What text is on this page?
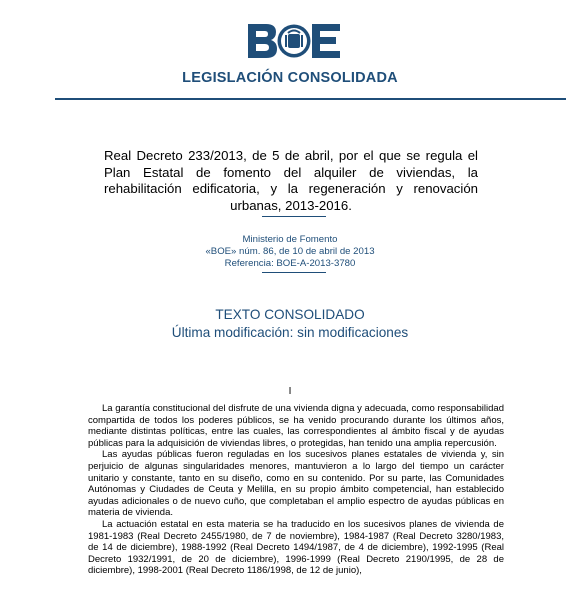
BOE
LEGISLACIÓN CONSOLIDADA
Real Decreto 233/2013, de 5 de abril, por el que se regula el Plan Estatal de fomento del alquiler de viviendas, la rehabilitación edificatoria, y la regeneración y renovación urbanas, 2013-2016.
Ministerio de Fomento
«BOE» núm. 86, de 10 de abril de 2013
Referencia: BOE-A-2013-3780
TEXTO CONSOLIDADO
Última modificación: sin modificaciones
I

La garantía constitucional del disfrute de una vivienda digna y adecuada, como responsabilidad compartida de todos los poderes públicos, se ha venido procurando durante los últimos años, mediante distintas políticas, entre las cuales, las correspondientes al ámbito fiscal y de ayudas públicas para la adquisición de viviendas libres, o protegidas, han tenido una amplia repercusión.

Las ayudas públicas fueron reguladas en los sucesivos planes estatales de vivienda y, sin perjuicio de algunas singularidades menores, mantuvieron a lo largo del tiempo un carácter unitario y constante, tanto en su diseño, como en su contenido. Por su parte, las Comunidades Autónomas y Ciudades de Ceuta y Melilla, en su propio ámbito competencial, han establecido ayudas adicionales o de nuevo cuño, que completaban el amplio espectro de ayudas públicas en materia de vivienda.

La actuación estatal en esta materia se ha traducido en los sucesivos planes de vivienda de 1981-1983 (Real Decreto 2455/1980, de 7 de noviembre), 1984-1987 (Real Decreto 3280/1983, de 14 de diciembre), 1988-1992 (Real Decreto 1494/1987, de 4 de diciembre), 1992-1995 (Real Decreto 1932/1991, de 20 de diciembre), 1996-1999 (Real Decreto 2190/1995, de 28 de diciembre), 1998-2001 (Real Decreto 1186/1998, de 12 de junio),
